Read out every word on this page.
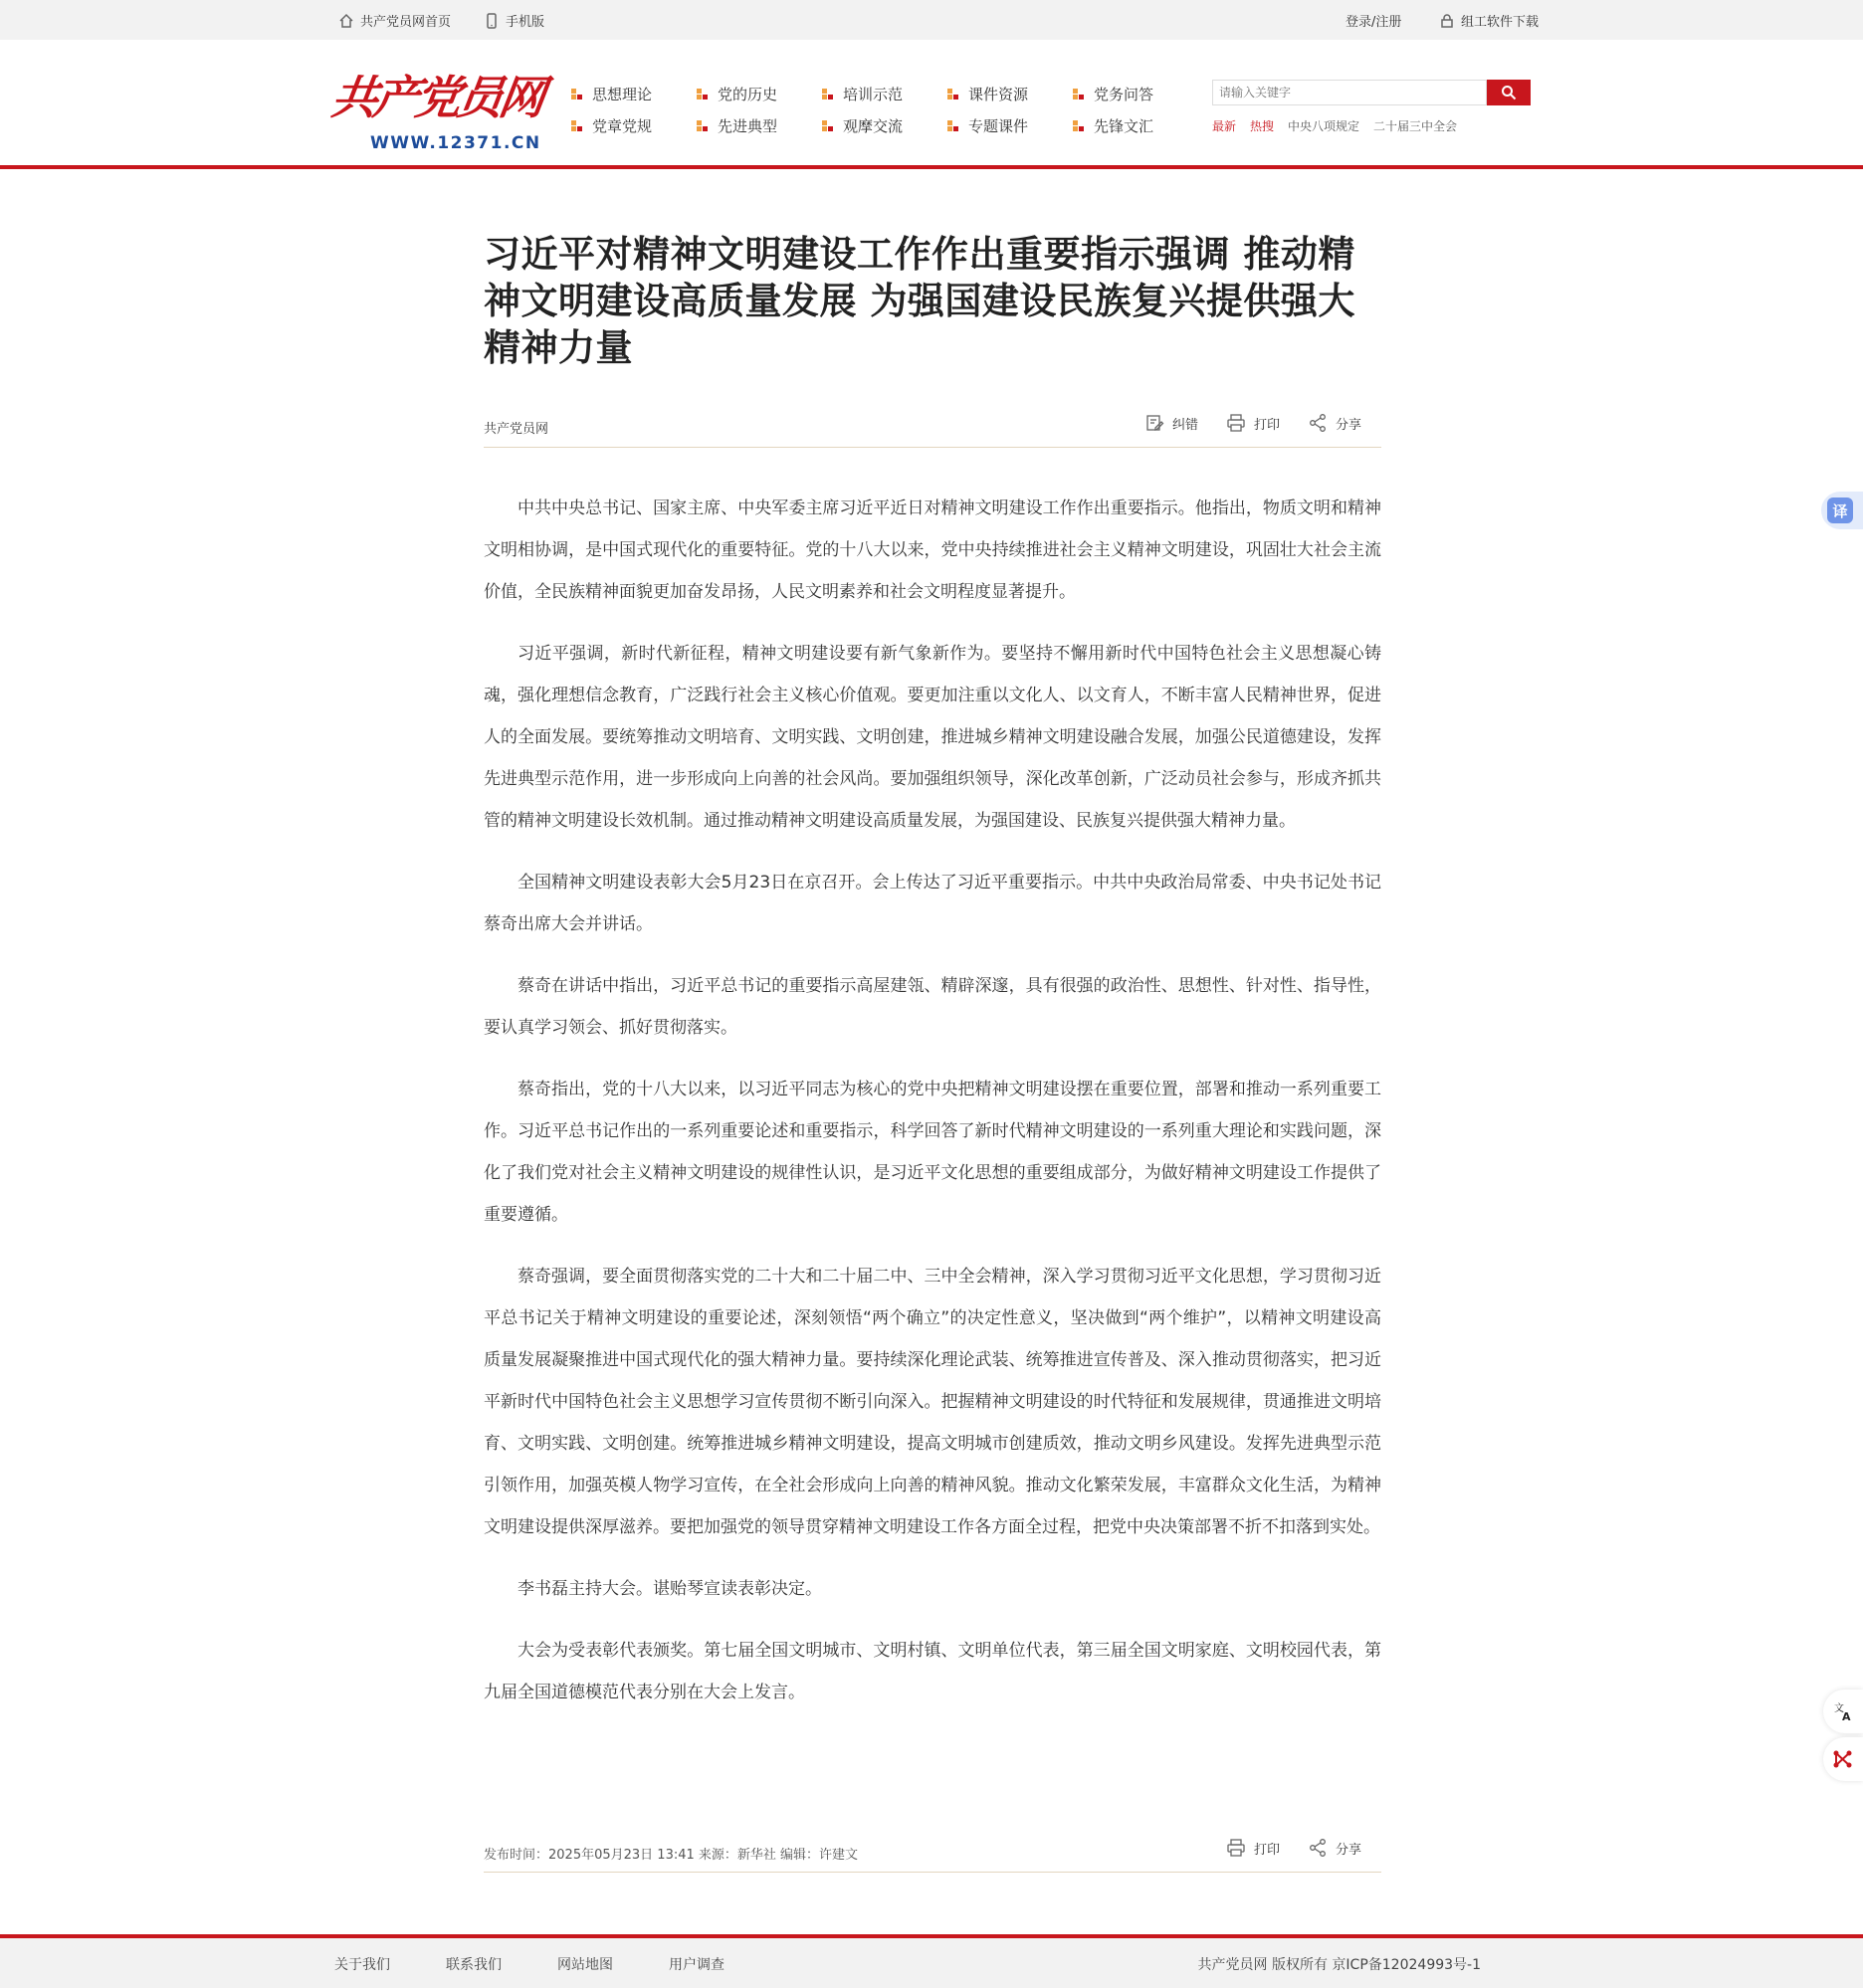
共产党员网首页	手机版	登录/注册	组工软件下载
共产党员网
WWW.12371.CN
思想理论	党的历史	培训示范	课件资源	党务问答
党章党规	先进典型	观摩交流	专题课件	先锋文汇
请输入关键字	最新 热搜 中央八项规定 二十届三中全会
习近平对精神文明建设工作作出重要指示强调 推动精神文明建设高质量发展 为强国建设民族复兴提供强大精神力量
共产党员网	纠错	打印	分享

中共中央总书记、国家主席、中央军委主席习近平近日对精神文明建设工作作出重要指示。他指出，物质文明和精神文明相协调，是中国式现代化的重要特征。党的十八大以来，党中央持续推进社会主义精神文明建设，巩固壮大社会主流价值，全民族精神面貌更加奋发昂扬，人民文明素养和社会文明程度显著提升。

习近平强调，新时代新征程，精神文明建设要有新气象新作为。要坚持不懈用新时代中国特色社会主义思想凝心铸魂，强化理想信念教育，广泛践行社会主义核心价值观。要更加注重以文化人、以文育人，不断丰富人民精神世界，促进人的全面发展。要统筹推动文明培育、文明实践、文明创建，推进城乡精神文明建设融合发展，加强公民道德建设，发挥先进典型示范作用，进一步形成向上向善的社会风尚。要加强组织领导，深化改革创新，广泛动员社会参与，形成齐抓共管的精神文明建设长效机制。通过推动精神文明建设高质量发展，为强国建设、民族复兴提供强大精神力量。

全国精神文明建设表彰大会5月23日在京召开。会上传达了习近平重要指示。中共中央政治局常委、中央书记处书记蔡奇出席大会并讲话。

蔡奇在讲话中指出，习近平总书记的重要指示高屋建瓴、精辟深邃，具有很强的政治性、思想性、针对性、指导性，要认真学习领会、抓好贯彻落实。

蔡奇指出，党的十八大以来，以习近平同志为核心的党中央把精神文明建设摆在重要位置，部署和推动一系列重要工作。习近平总书记作出的一系列重要论述和重要指示，科学回答了新时代精神文明建设的一系列重大理论和实践问题，深化了我们党对社会主义精神文明建设的规律性认识，是习近平文化思想的重要组成部分，为做好精神文明建设工作提供了重要遵循。

蔡奇强调，要全面贯彻落实党的二十大和二十届二中、三中全会精神，深入学习贯彻习近平文化思想，学习贯彻习近平总书记关于精神文明建设的重要论述，深刻领悟“两个确立”的决定性意义，坚决做到“两个维护”，以精神文明建设高质量发展凝聚推进中国式现代化的强大精神力量。要持续深化理论武装、统筹推进宣传普及、深入推动贯彻落实，把习近平新时代中国特色社会主义思想学习宣传贯彻不断引向深入。把握精神文明建设的时代特征和发展规律，贯通推进文明培育、文明实践、文明创建。统筹推进城乡精神文明建设，提高文明城市创建质效，推动文明乡风建设。发挥先进典型示范引领作用，加强英模人物学习宣传，在全社会形成向上向善的精神风貌。推动文化繁荣发展，丰富群众文化生活，为精神文明建设提供深厚滋养。要把加强党的领导贯穿精神文明建设工作各方面全过程，把党中央决策部署不折不扣落到实处。

李书磊主持大会。谌贻琴宣读表彰决定。

大会为受表彰代表颁奖。第七届全国文明城市、文明村镇、文明单位代表，第三届全国文明家庭、文明校园代表，第九届全国道德模范代表分别在大会上发言。

发布时间：2025年05月23日 13:41 来源：新华社 编辑：许建文	打印	分享
译
文
A
关于我们	联系我们	网站地图	用户调查	共产党员网 版权所有 京ICP备12024993号-1
